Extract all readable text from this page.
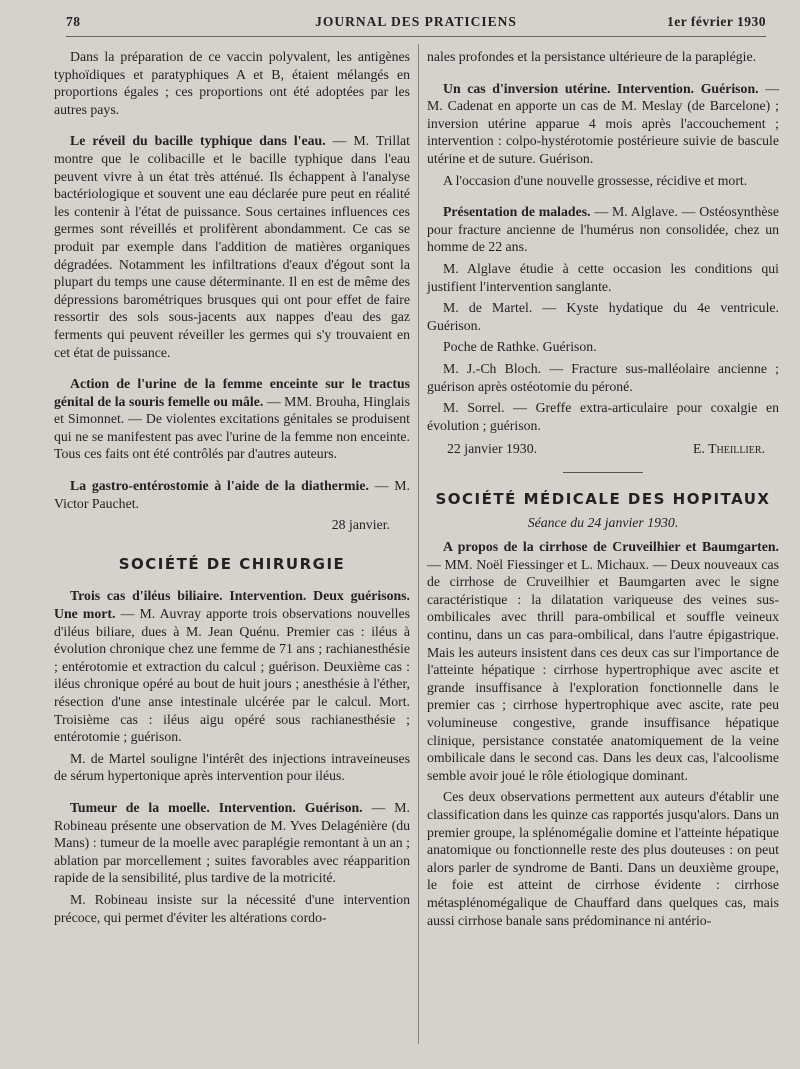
78	JOURNAL DES PRATICIENS	1er février 1930

Dans la préparation de ce vaccin polyvalent, les antigènes typhoïdiques et paratyphiques A et B, étaient mélangés en proportions égales ; ces proportions ont été adoptées par les autres pays.

Le réveil du bacille typhique dans l'eau. — M. Trillat montre que le colibacille et le bacille typhique dans l'eau peuvent vivre à un état très atténué. Ils échappent à l'analyse bactériologique et souvent une eau déclarée pure peut en réalité les contenir à l'état de puissance. Sous certaines influences ces germes sont réveillés et prolifèrent abondamment. Ce cas se produit par exemple dans l'addition de matières organiques dégradées. Notamment les infiltrations d'eaux d'égout sont la plupart du temps une cause déterminante. Il en est de même des dépressions barométriques brusques qui ont pour effet de faire ressortir des sols sous-jacents aux nappes d'eau des gaz ferments qui peuvent réveiller les germes qui s'y trouvaient en cet état de puissance.

Action de l'urine de la femme enceinte sur le tractus génital de la souris femelle ou mâle. — MM. Brouha, Hinglais et Simonnet. — De violentes excitations génitales se produisent qui ne se manifestent pas avec l'urine de la femme non enceinte. Tous ces faits ont été contrôlés par d'autres auteurs.

La gastro-entérostomie à l'aide de la diathermie. — M. Victor Pauchet.

28 janvier.

SOCIÉTÉ DE CHIRURGIE

Trois cas d'iléus biliaire. Intervention. Deux guérisons. Une mort. — M. Auvray apporte trois observations nouvelles d'iléus biliare, dues à M. Jean Quénu. Premier cas : iléus à évolution chronique chez une femme de 71 ans ; rachianesthésie ; entérotomie et extraction du calcul ; guérison. Deuxième cas : iléus chronique opéré au bout de huit jours ; anesthésie à l'éther, résection d'une anse intestinale ulcérée par le calcul. Mort. Troisième cas : iléus aigu opéré sous rachianesthésie ; entérotomie ; guérison.

M. de Martel souligne l'intérêt des injections intraveineuses de sérum hypertonique après intervention pour iléus.

Tumeur de la moelle. Intervention. Guérison. — M. Robineau présente une observation de M. Yves Delagénière (du Mans) : tumeur de la moelle avec paraplégie remontant à un an ; ablation par morcellement ; suites favorables avec réapparition rapide de la sensibilité, plus tardive de la motricité.

M. Robineau insiste sur la nécessité d'une intervention précoce, qui permet d'éviter les altérations cordo-

nales profondes et la persistance ultérieure de la paraplégie.

Un cas d'inversion utérine. Intervention. Guérison. — M. Cadenat en apporte un cas de M. Meslay (de Barcelone) ; inversion utérine apparue 4 mois après l'accouchement ; intervention : colpo-hystérotomie postérieure suivie de bascule utérine et de suture. Guérison.

A l'occasion d'une nouvelle grossesse, récidive et mort.

Présentation de malades. — M. Alglave. — Ostéosynthèse pour fracture ancienne de l'humérus non consolidée, chez un homme de 22 ans.

M. Alglave étudie à cette occasion les conditions qui justifient l'intervention sanglante.

M. de Martel. — Kyste hydatique du 4e ventricule. Guérison.

Poche de Rathke. Guérison.

M. J.-Ch Bloch. — Fracture sus-malléolaire ancienne ; guérison après ostéotomie du péroné.

M. Sorrel. — Greffe extra-articulaire pour coxalgie en évolution ; guérison.

22 janvier 1930.	E. Theillier.
SOCIÉTÉ MÉDICALE DES HOPITAUX
Séance du 24 janvier 1930.

A propos de la cirrhose de Cruveilhier et Baumgarten. — MM. Noël Fiessinger et L. Michaux. — Deux nouveaux cas de cirrhose de Cruveilhier et Baumgarten avec le signe caractéristique : la dilatation variqueuse des veines sus-ombilicales avec thrill para-ombilical et souffle veineux continu, dans un cas para-ombilical, dans l'autre épigastrique. Mais les auteurs insistent dans ces deux cas sur l'importance de l'atteinte hépatique : cirrhose hypertrophique avec ascite et grande insuffisance à l'exploration fonctionnelle dans le premier cas ; cirrhose hypertrophique avec ascite, rate peu volumineuse congestive, grande insuffisance hépatique clinique, persistance constatée anatomiquement de la veine ombilicale dans le second cas. Dans les deux cas, l'alcoolisme semble avoir joué le rôle étiologique dominant.

Ces deux observations permettent aux auteurs d'établir une classification dans les quinze cas rapportés jusqu'alors. Dans un premier groupe, la splénomégalie domine et l'atteinte hépatique anatomique ou fonctionnelle reste des plus douteuses : on peut alors parler de syndrome de Banti. Dans un deuxième groupe, le foie est atteint de cirrhose évidente : cirrhose métasplénomégalique de Chauffard dans quelques cas, mais aussi cirrhose banale sans prédominance ni antério-
